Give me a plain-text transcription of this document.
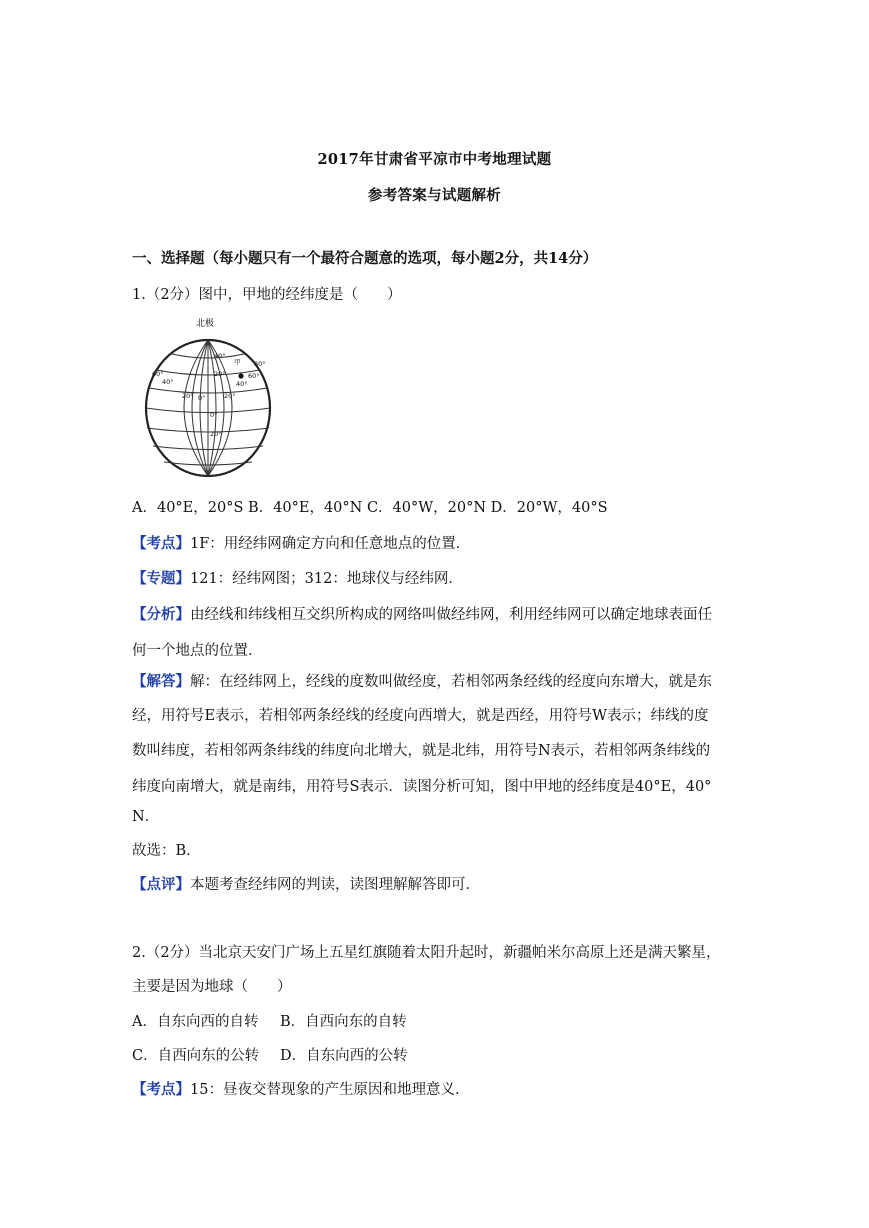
2017年甘肃省平凉市中考地理试题
参考答案与试题解析
一、选择题（每小题只有一个最符合题意的选项，每小题2分，共14分）
1.（2分）图中，甲地的经纬度是（　　）
北极
40°
20°
0°
20°
60°
40°
20° 0°	20°
40°
60°
80°
甲
A．40°E，20°S B．40°E，40°N C．40°W，20°N D．20°W，40°S
【考点】1F：用经纬网确定方向和任意地点的位置．
【专题】121：经纬网图；312：地球仪与经纬网．
【分析】由经线和纬线相互交织所构成的网络叫做经纬网，利用经纬网可以确定地球表面任
何一个地点的位置．
【解答】解：在经纬网上，经线的度数叫做经度，若相邻两条经线的经度向东增大，就是东
经，用符号E表示，若相邻两条经线的经度向西增大，就是西经，用符号W表示；纬线的度
数叫纬度，若相邻两条纬线的纬度向北增大，就是北纬，用符号N表示，若相邻两条纬线的
纬度向南增大，就是南纬，用符号S表示．读图分析可知，图中甲地的经纬度是40°E，40°
N．
故选：B．
【点评】本题考查经纬网的判读，读图理解解答即可．
2.（2分）当北京天安门广场上五星红旗随着太阳升起时，新疆帕米尔高原上还是满天繁星，
主要是因为地球（　　）
A．自东向西的自转 B．自西向东的自转
C．自西向东的公转 D．自东向西的公转
【考点】15：昼夜交替现象的产生原因和地理意义．
